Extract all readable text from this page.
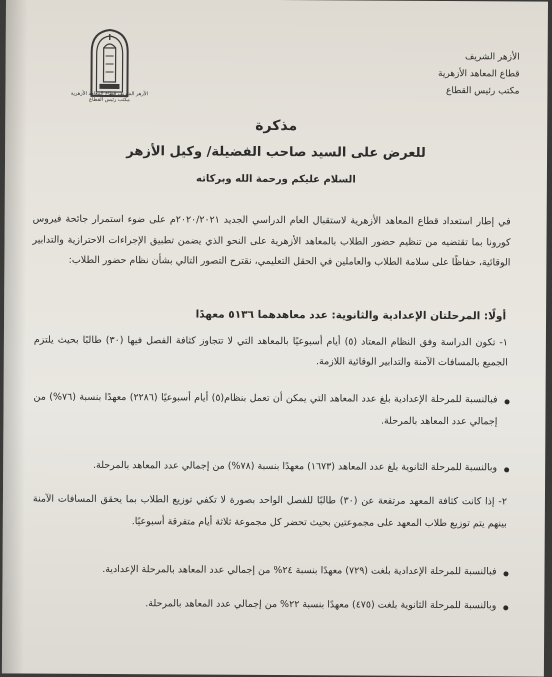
الأزهر الشريف
قطاع المعاهد الأزهرية
مكتب رئيس القطاع
الأزهر الشريف قطاع المعاهد الأزهرية مكتب رئيس القطاع
مذكرة
للعرض على السيد صاحب الفضيلة/ وكيل الأزهر
السلام عليكم ورحمة الله وبركاته
في إطار استعداد قطاع المعاهد الأزهرية لاستقبال العام الدراسي الجديد ٢٠٢٠/٢٠٢١م على ضوء استمرار جائحة فيروس كورونا بما تقتضيه من تنظيم حضور الطلاب بالمعاهد الأزهرية على النحو الذي يضمن تطبيق الإجراءات الاحترازية والتدابير الوقائية، حفاظًا على سلامة الطلاب والعاملين في الحقل التعليمي، نقترح التصور التالي بشأن نظام حضور الطلاب:
أولًا: المرحلتان الإعدادية والثانوية: عدد معاهدهما ٥١٣٦ معهدًا
١- تكون الدراسة وفق النظام المعتاد (٥) أيام أسبوعيًا بالمعاهد التي لا تتجاوز كثافة الفصل فيها (٣٠) طالبًا بحيث يلتزم الجميع بالمسافات الآمنة والتدابير الوقائية اللازمة.
فبالنسبة للمرحلة الإعدادية بلغ عدد المعاهد التي يمكن أن تعمل بنظام(٥) أيام أسبوعيًا (٢٢٨٦) معهدًا بنسبة (٧٦%) من إجمالي عدد المعاهد بالمرحلة.
وبالنسبة للمرحلة الثانوية بلغ عدد المعاهد (١٦٧٣) معهدًا بنسبة (٧٨%) من إجمالي عدد المعاهد بالمرحلة.
٢- إذا كانت كثافة المعهد مرتفعة عن (٣٠) طالبًا للفصل الواحد بصورة لا تكفي توزيع الطلاب بما يحقق المسافات الآمنة بينهم يتم توزيع طلاب المعهد على مجموعتين بحيث تحضر كل مجموعة ثلاثة أيام متفرقة أسبوعيًا.
فبالنسبة للمرحلة الإعدادية بلغت (٧٢٩) معهدًا بنسبة ٢٤% من إجمالي عدد المعاهد بالمرحلة الإعدادية.
وبالنسبة للمرحلة الثانوية بلغت (٤٧٥) معهدًا بنسبة ٢٢% من إجمالي عدد المعاهد بالمرحلة.
